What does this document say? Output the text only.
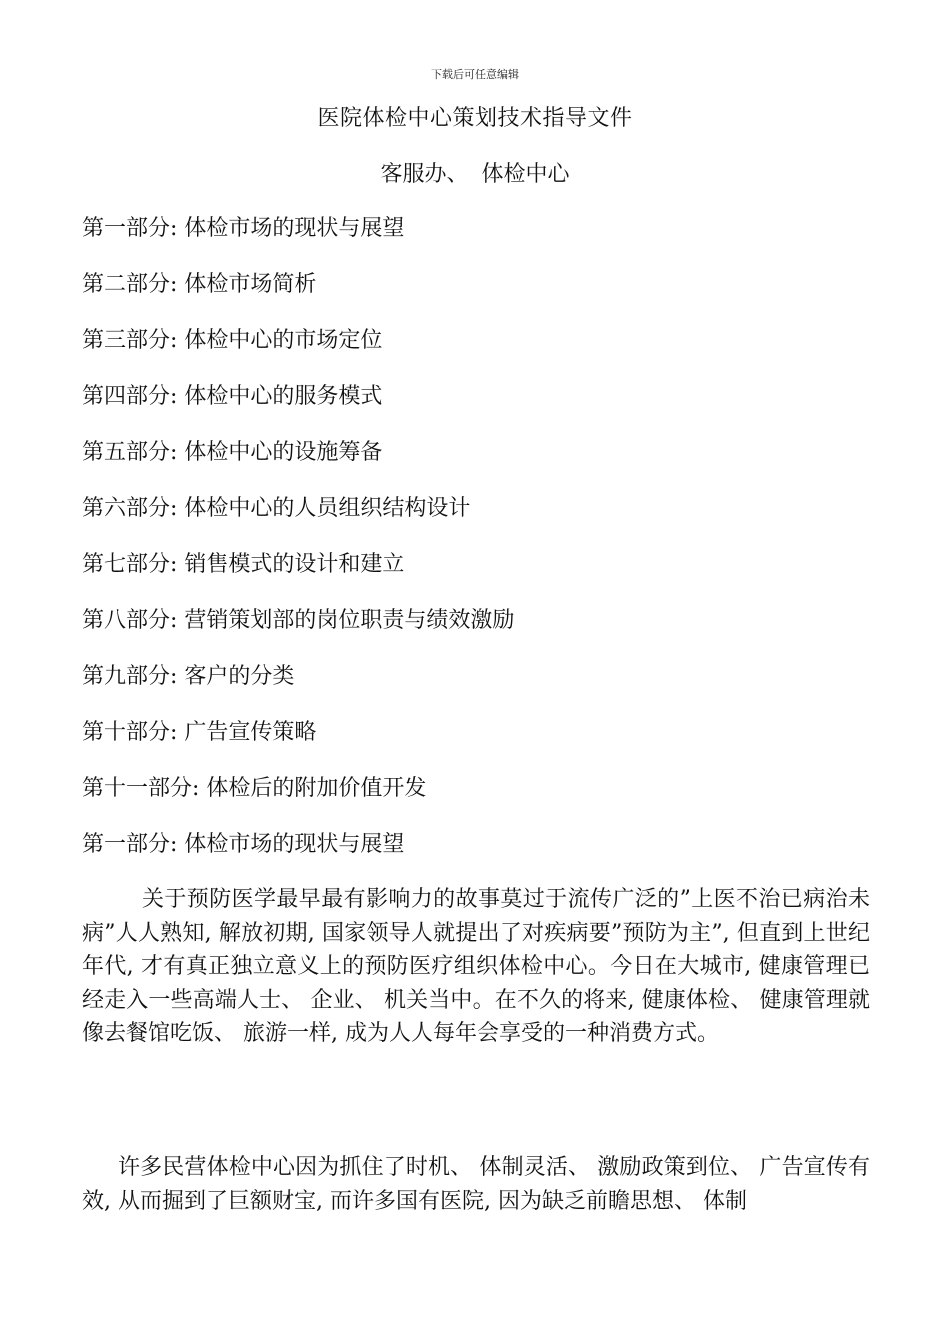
下载后可任意编辑
医院体检中心策划技术指导文件
客服办、 体检中心
第一部分: 体检市场的现状与展望
第二部分: 体检市场简析
第三部分: 体检中心的市场定位
第四部分: 体检中心的服务模式
第五部分: 体检中心的设施筹备
第六部分: 体检中心的人员组织结构设计
第七部分: 销售模式的设计和建立
第八部分: 营销策划部的岗位职责与绩效激励
第九部分: 客户的分类
第十部分: 广告宣传策略
第十一部分: 体检后的附加价值开发
第一部分: 体检市场的现状与展望

关于预防医学最早最有影响力的故事莫过于流传广泛的”上医不治已病治未病”人人熟知, 解放初期, 国家领导人就提出了对疾病要”预防为主”, 但直到上世纪年代, 才有真正独立意义上的预防医疗组织体检中心。今日在大城市, 健康管理已经走入一些高端人士、 企业、 机关当中。在不久的将来, 健康体检、 健康管理就像去餐馆吃饭、 旅游一样, 成为人人每年会享受的一种消费方式。

许多民营体检中心因为抓住了时机、 体制灵活、 激励政策到位、 广告宣传有效, 从而掘到了巨额财宝, 而许多国有医院, 因为缺乏前瞻思想、 体制
